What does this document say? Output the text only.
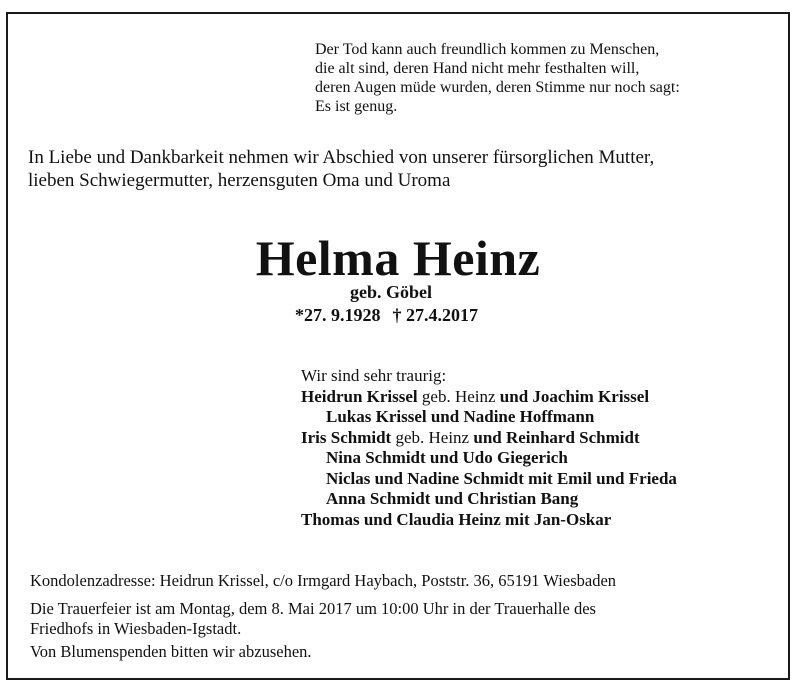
Der Tod kann auch freundlich kommen zu Menschen,
die alt sind, deren Hand nicht mehr festhalten will,
deren Augen müde wurden, deren Stimme nur noch sagt:
Es ist genug.
In Liebe und Dankbarkeit nehmen wir Abschied von unserer fürsorglichen Mutter,
lieben Schwiegermutter, herzensguten Oma und Uroma
Helma Heinz
geb. Göbel
*27. 9.1928 † 27.4.2017
Wir sind sehr traurig:
Heidrun Krissel geb. Heinz und Joachim Krissel
Lukas Krissel und Nadine Hoffmann
Iris Schmidt geb. Heinz und Reinhard Schmidt
Nina Schmidt und Udo Giegerich
Niclas und Nadine Schmidt mit Emil und Frieda
Anna Schmidt und Christian Bang
Thomas und Claudia Heinz mit Jan-Oskar
Kondolenzadresse: Heidrun Krissel, c/o Irmgard Haybach, Poststr. 36, 65191 Wiesbaden
Die Trauerfeier ist am Montag, dem 8. Mai 2017 um 10:00 Uhr in der Trauerhalle des
Friedhofs in Wiesbaden-Igstadt.
Von Blumenspenden bitten wir abzusehen.
